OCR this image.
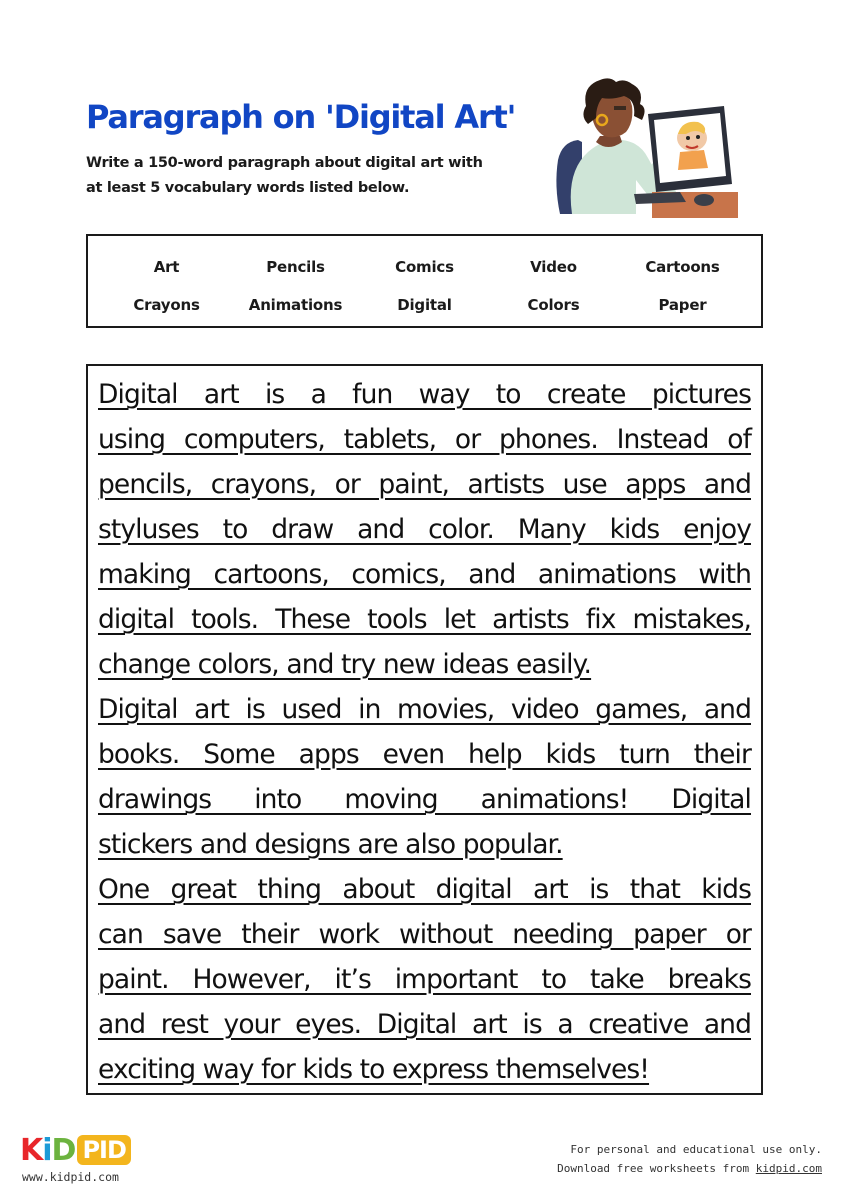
Paragraph on 'Digital Art'
Write a 150-word paragraph about digital art with
at least 5 vocabulary words listed below.
Art	Pencils	Comics	Video	Cartoons
Crayons	Animations	Digital	Colors	Paper
Digital art is a fun way to create pictures
using computers, tablets, or phones. Instead of
pencils, crayons, or paint, artists use apps and
styluses to draw and color. Many kids enjoy
making cartoons, comics, and animations with
digital tools. These tools let artists fix mistakes,
change colors, and try new ideas easily.
Digital art is used in movies, video games, and
books. Some apps even help kids turn their
drawings into moving animations! Digital
stickers and designs are also popular.
One great thing about digital art is that kids
can save their work without needing paper or
paint. However, it’s important to take breaks
and rest your eyes. Digital art is a creative and
exciting way for kids to express themselves!
KiD PID
www.kidpid.com
For personal and educational use only.
Download free worksheets from kidpid.com
